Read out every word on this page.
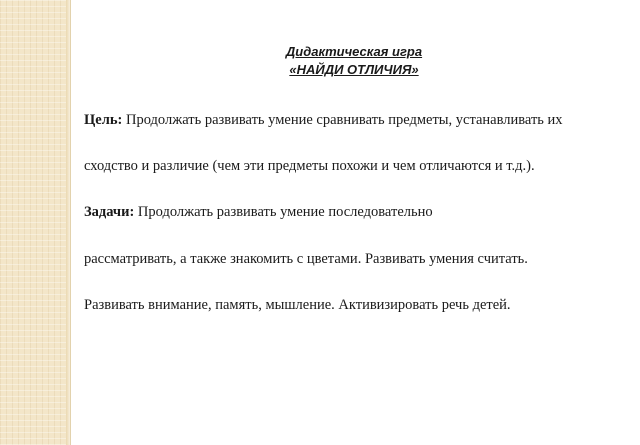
Дидактическая игра
«НАЙДИ ОТЛИЧИЯ»
Цель: Продолжать развивать умение сравнивать предметы, устанавливать их
сходство и различие (чем эти предметы похожи и чем отличаются и т.д.).
Задачи: Продолжать развивать умение последовательно
рассматривать, а также знакомить с цветами. Развивать умения считать.
Развивать внимание, память, мышление. Активизировать речь детей.
